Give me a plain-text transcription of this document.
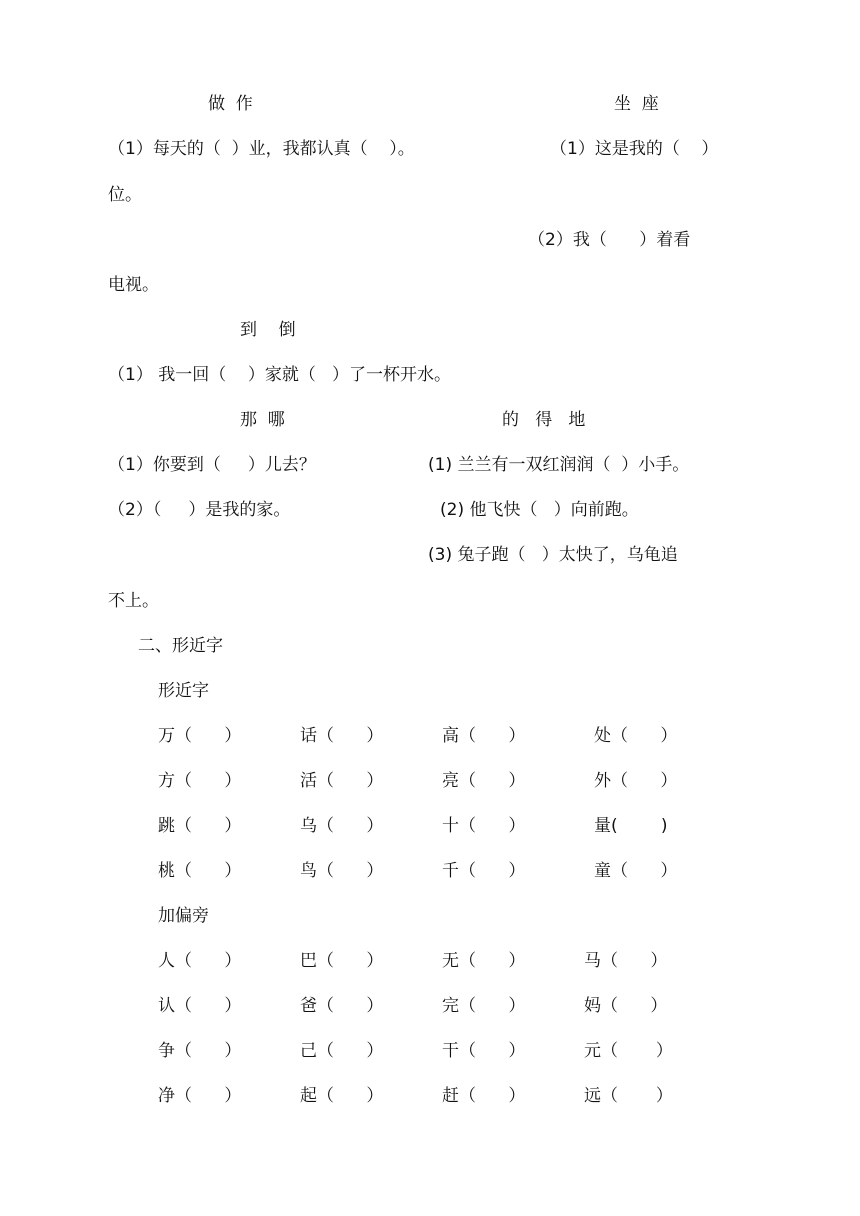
做  作	坐  座
（1）每天的（  ）业，我都认真（    ）。	（1）这是我的（    ）
位。
（2）我（      ）着看
电视。
到    倒
（1） 我一回（    ）家就（   ）了一杯开水。
那  哪	的   得   地
（1）你要到（     ）儿去？	(1) 兰兰有一双红润润（  ）小手。
（2）（     ）是我的家。	(2) 他飞快（   ）向前跑。
(3) 兔子跑（   ）太快了，乌龟追
不上。
二、形近字
形近字
万（      ）	话（      ）	高（      ）	处（      ）
方（      ）	活（      ）	亮（      ）	外（      ）
跳（      ）	乌（      ）	十（      ）	量(        )
桃（      ）	鸟（      ）	千（      ）	童（      ）
加偏旁
人（      ）	巴（      ）	无（      ）	马（      ）
认（      ）	爸（      ）	完（      ）	妈（      ）
争（      ）	己（      ）	干（      ）	元（       ）
净（      ）	起（      ）	赶（      ）	远（       ）
